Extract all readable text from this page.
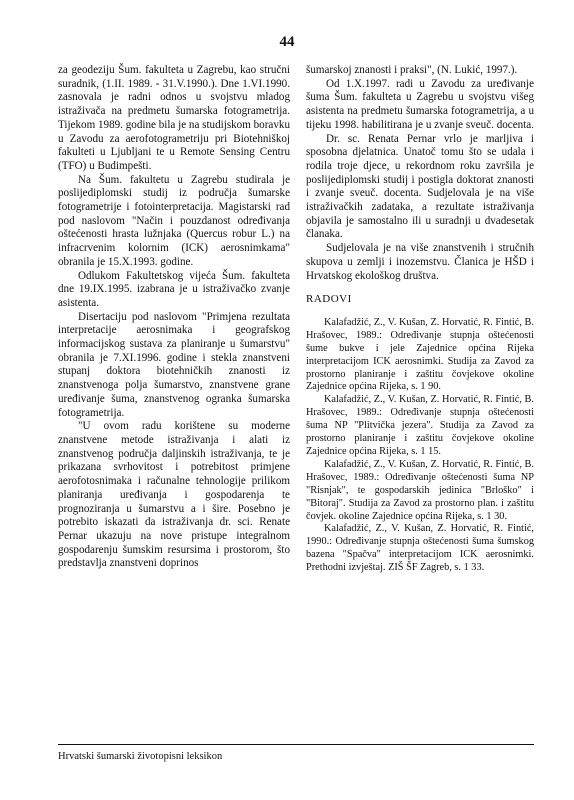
44

za geodeziju Šum. fakulteta u Zagrebu, kao stručni suradnik, (1.II. 1989. - 31.V.1990.). Dne 1.VI.1990. zasnovala je radni odnos u svojstvu mladog istraživača na predmetu šumarska fotogrametrija. Tijekom 1989. godine bila je na studijskom boravku u Zavodu za aerofotogrametriju pri Biotehniškoj fakulteti u Ljubljani te u Remote Sensing Centru (TFO) u Budimpešti.

Na Šum. fakultetu u Zagrebu studirala je poslijediplomski studij iz područja šumarske fotogrametrije i fotointerpretacija. Magistarski rad pod naslovom "Način i pouzdanost određivanja oštećenosti hrasta lužnjaka (Quercus robur L.) na infracrvenim kolornim (ICK) aerosnimkama" obranila je 15.X.1993. godine.

Odlukom Fakultetskog vijeća Šum. fakulteta dne 19.IX.1995. izabrana je u istraživačko zvanje asistenta.

Disertaciju pod naslovom "Primjena rezultata interpretacije aerosnimaka i geografskog informacijskog sustava za planiranje u šumarstvu" obranila je 7.XI.1996. godine i stekla znanstveni stupanj doktora biotehničkih znanosti iz znanstvenoga polja šumarstvo, znanstvene grane uređivanje šuma, znanstvenog ogranka šumarska fotogrametrija.

"U ovom radu korištene su moderne znanstvene metode istraživanja i alati iz znanstvenog područja daljinskih istraživanja, te je prikazana svrhovitost i potrebitost primjene aerofotosnimaka i računalne tehnologije prilikom planiranja uređivanja i gospodarenja te prognoziranja u šumarstvu a i šire. Posebno je potrebito iskazati da istraživanja dr. sci. Renate Pernar ukazuju na nove pristupe integralnom gospodarenju šumskim resursima i prostorom, što predstavlja znanstveni doprinos

šumarskoj znanosti i praksi", (N. Lukić, 1997.).

Od 1.X.1997. radi u Zavodu za uređivanje šuma Šum. fakulteta u Zagrebu u svojstvu višeg asistenta na predmetu šumarska fotogrametrija, a u tijeku 1998. habilitirana je u zvanje sveuč. docenta.

Dr. sc. Renata Pernar vrlo je marljiva i sposobna djelatnica. Unatoč tomu što se udala i rodila troje djece, u rekordnom roku završila je poslijediplomski studij i postigla doktorat znanosti i zvanje sveuč. docenta. Sudjelovala je na više istraživačkih zadataka, a rezultate istraživanja objavila je samostalno ili u suradnji u dvadesetak članaka.

Sudjelovala je na više znanstvenih i stručnih skupova u zemlji i inozemstvu. Članica je HŠD i Hrvatskog ekološkog društva.

RADOVI

Kalafadžić, Z., V. Kušan, Z. Horvatić, R. Fintić, B. Hrašovec, 1989.: Određivanje stupnja oštećenosti šume bukve i jele Zajednice općina Rijeka interpretacijom ICK aerosnimki. Studija za Zavod za prostorno planiranje i zaštitu čovjekove okoline Zajednice općina Rijeka, s. 1 90.

Kalafadžić, Z., V. Kušan, Z. Horvatić, R. Fintić, B. Hrašovec, 1989.: Određivanje stupnja oštećenosti šuma NP "Plitvička jezera". Studija za Zavod za prostorno planiranje i zaštitu čovjekove okoline Zajednice općina Rijeka, s. 1 15.

Kalafadžić, Z., V. Kušan, Z. Horvatić, R. Fintić, B. Hrašovec, 1989.: Određivanje oštećenosti šuma NP "Risnjak", te gospodarskih jedinica "Brloško" i "Bitoraj". Studija za Zavod za prostorno plan. i zaštitu čovjek. okoline Zajednice općina Rijeka, s. 1 30.

Kalafadžić, Z., V. Kušan, Z. Horvatić, R. Fintić, 1990.: Određivanje stupnja oštećenosti šuma šumskog bazena "Spačva" interpretacijom ICK aerosnimki. Prethodni izvještaj. ZIŠ ŠF Zagreb, s. 1 33.

Hrvatski šumarski životopisni leksikon
